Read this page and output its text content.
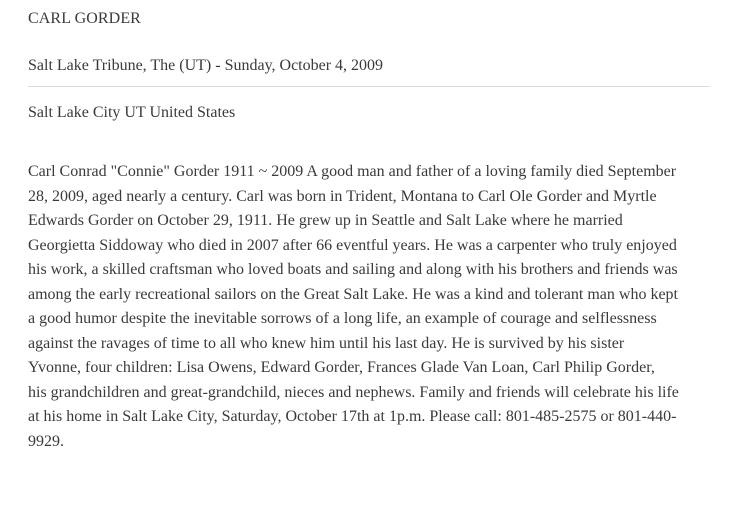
CARL GORDER
Salt Lake Tribune, The (UT) - Sunday, October 4, 2009
Salt Lake City UT United States

Carl Conrad "Connie" Gorder 1911 ~ 2009 A good man and father of a loving family died September
28, 2009, aged nearly a century. Carl was born in Trident, Montana to Carl Ole Gorder and Myrtle
Edwards Gorder on October 29, 1911. He grew up in Seattle and Salt Lake where he married
Georgietta Siddoway who died in 2007 after 66 eventful years. He was a carpenter who truly enjoyed
his work, a skilled craftsman who loved boats and sailing and along with his brothers and friends was
among the early recreational sailors on the Great Salt Lake. He was a kind and tolerant man who kept
a good humor despite the inevitable sorrows of a long life, an example of courage and selflessness
against the ravages of time to all who knew him until his last day. He is survived by his sister
Yvonne, four children: Lisa Owens, Edward Gorder, Frances Glade Van Loan, Carl Philip Gorder,
his grandchildren and great-grandchild, nieces and nephews. Family and friends will celebrate his life
at his home in Salt Lake City, Saturday, October 17th at 1p.m. Please call: 801-485-2575 or 801-440-
9929.
